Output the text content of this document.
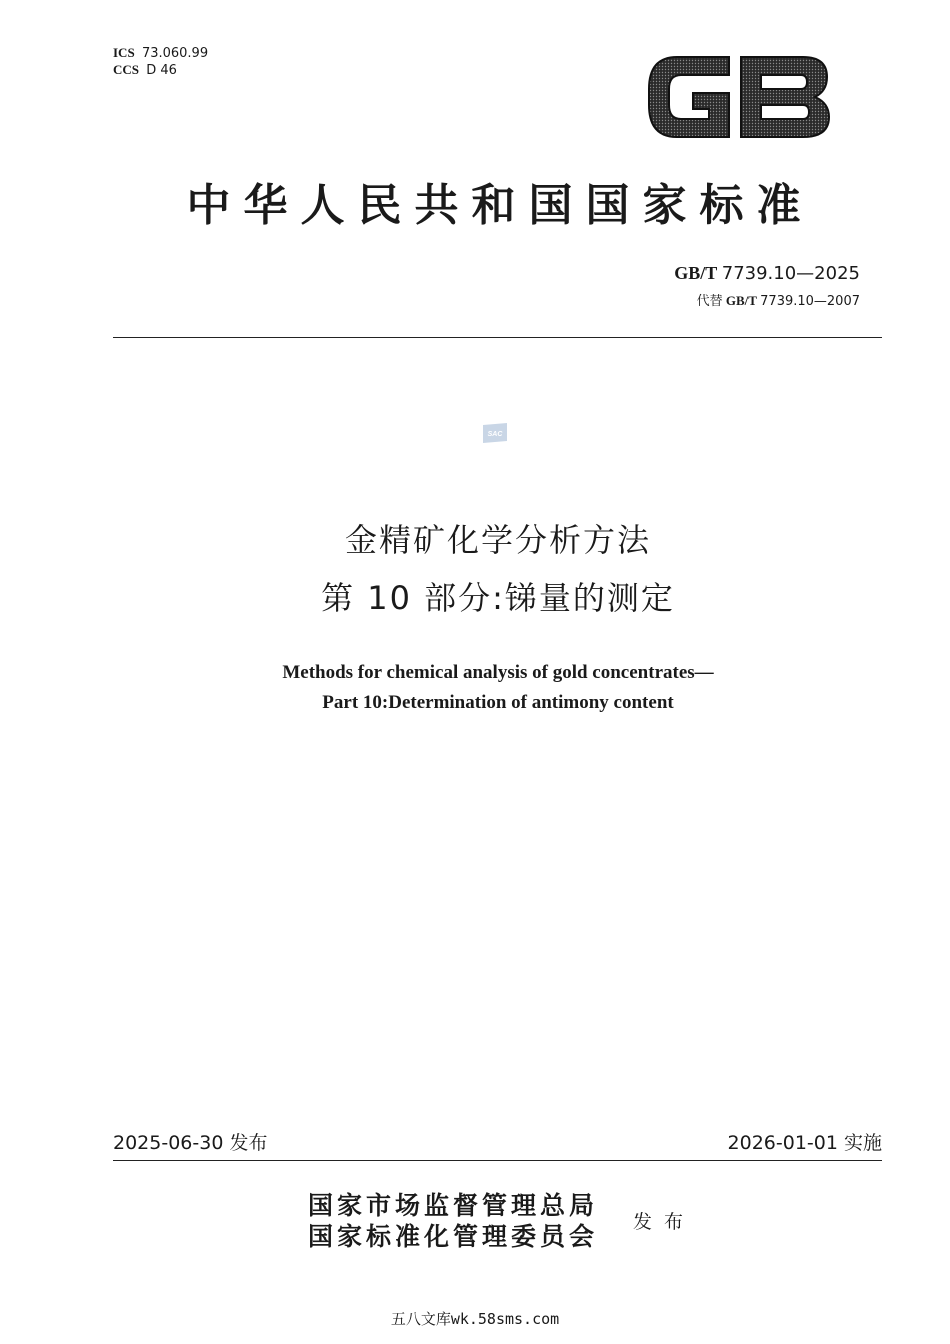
ICS 73.060.99
CCS D 46
GB
中华人民共和国国家标准
GB/T 7739.10—2025
代替 GB/T 7739.10—2007
SAC
金精矿化学分析方法
第 10 部分:锑量的测定
Methods for chemical analysis of gold concentrates—
Part 10:Determination of antimony content
2025-06-30 发布	2026-01-01 实施
国家市场监督管理总局
国家标准化管理委员会 发布
五八文库wk.58sms.com
